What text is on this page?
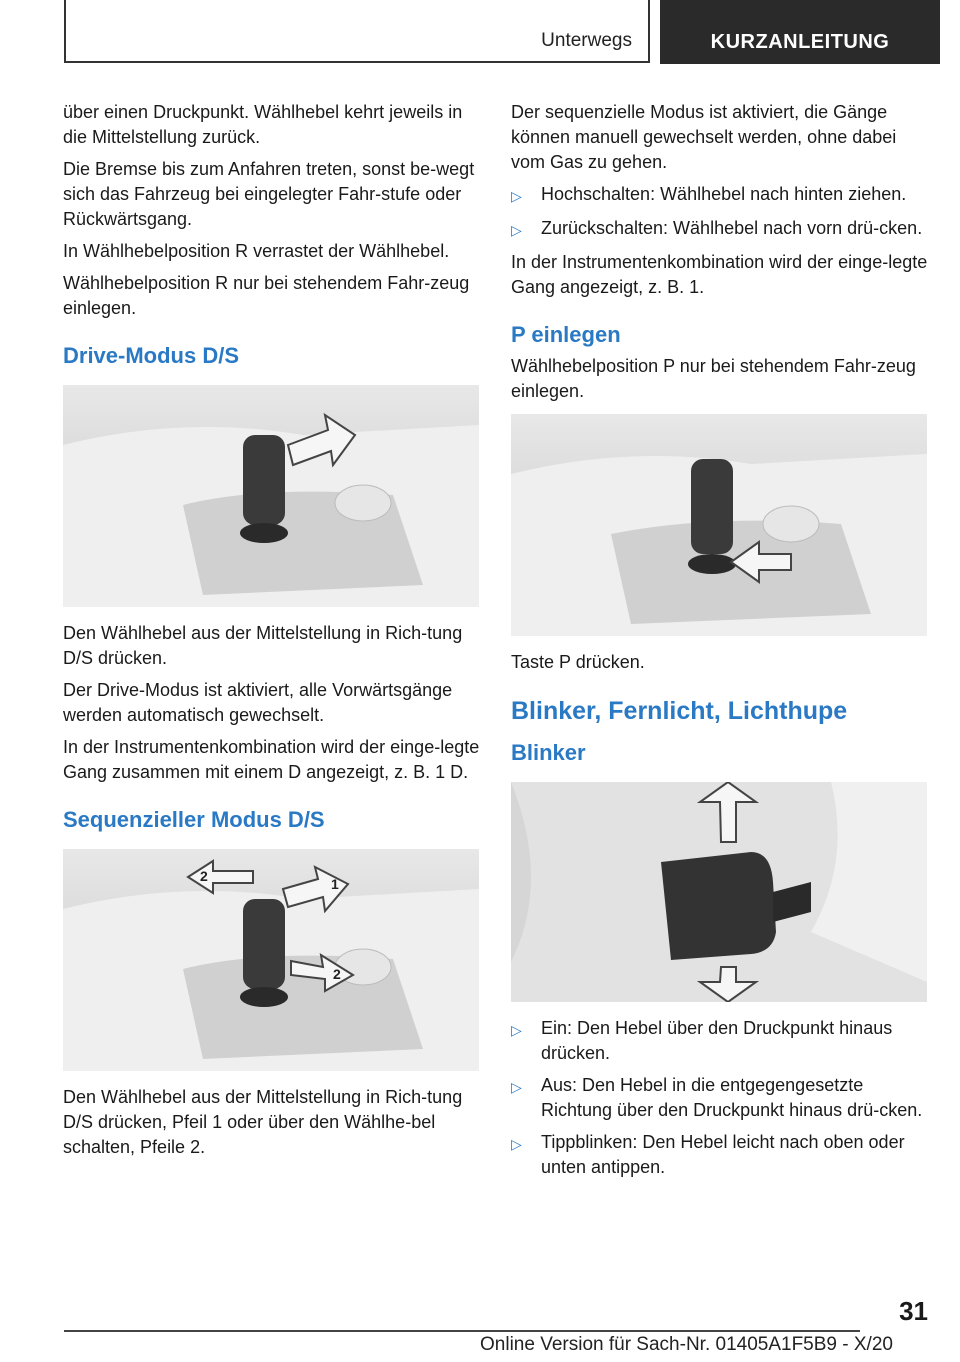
Unterwegs	KURZANLEITUNG

über einen Druckpunkt. Wählhebel kehrt jeweils in die Mittelstellung zurück.

Die Bremse bis zum Anfahren treten, sonst be‐wegt sich das Fahrzeug bei eingelegter Fahr‐stufe oder Rückwärtsgang.

In Wählhebelposition R verrastet der Wählhebel.

Wählhebelposition R nur bei stehendem Fahr‐zeug einlegen.

Drive-Modus D/S

Den Wählhebel aus der Mittelstellung in Rich‐tung D/S drücken.

Der Drive-Modus ist aktiviert, alle Vorwärtsgänge werden automatisch gewechselt.

In der Instrumentenkombination wird der einge‐legte Gang zusammen mit einem D angezeigt, z. B. 1 D.

Sequenzieller Modus D/S
1
2
2

Den Wählhebel aus der Mittelstellung in Rich‐tung D/S drücken, Pfeil 1 oder über den Wählhe‐bel schalten, Pfeile 2.

Der sequenzielle Modus ist aktiviert, die Gänge können manuell gewechselt werden, ohne dabei vom Gas zu gehen.

▷	Hochschalten: Wählhebel nach hinten ziehen.
▷	Zurückschalten: Wählhebel nach vorn drü‐cken.

In der Instrumentenkombination wird der einge‐legte Gang angezeigt, z. B. 1.

P einlegen

Wählhebelposition P nur bei stehendem Fahr‐zeug einlegen.

Taste P drücken.

Blinker, Fernlicht, Lichthupe
Blinker
▷	Ein: Den Hebel über den Druckpunkt hinaus drücken.
▷	Aus: Den Hebel in die entgegengesetzte Richtung über den Druckpunkt hinaus drü‐cken.
▷	Tippblinken: Den Hebel leicht nach oben oder unten antippen.
31
Online Version für Sach-Nr. 01405A1F5B9 - X/20
